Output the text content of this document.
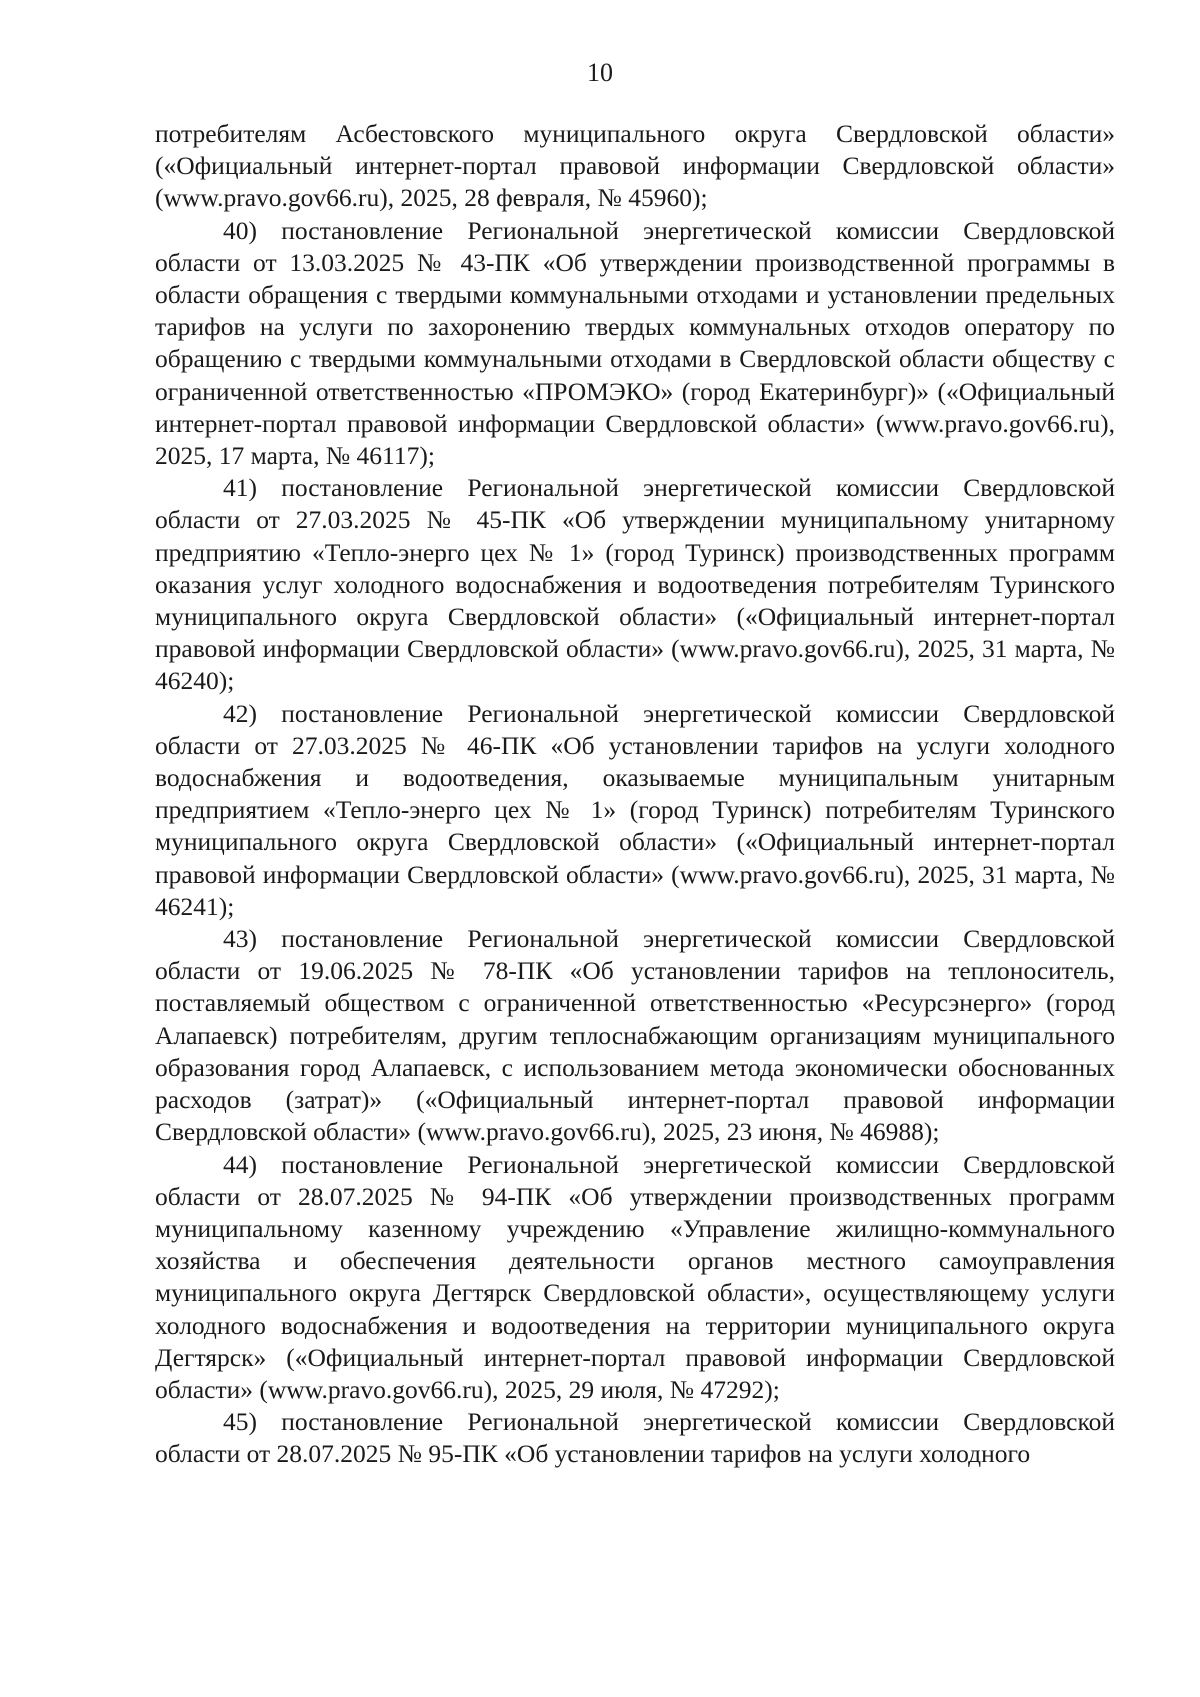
10

потребителям Асбестовского муниципального округа Свердловской области» («Официальный интернет-портал правовой информации Свердловской области» (www.pravo.gov66.ru), 2025, 28 февраля, № 45960);

40) постановление Региональной энергетической комиссии Свердловской области от 13.03.2025 № 43-ПК «Об утверждении производственной программы в области обращения с твердыми коммунальными отходами и установлении предельных тарифов на услуги по захоронению твердых коммунальных отходов оператору по обращению с твердыми коммунальными отходами в Свердловской области обществу с ограниченной ответственностью «ПРОМЭКО» (город Екатеринбург)» («Официальный интернет-портал правовой информации Свердловской области» (www.pravo.gov66.ru), 2025, 17 марта, № 46117);

41) постановление Региональной энергетической комиссии Свердловской области от 27.03.2025 № 45-ПК «Об утверждении муниципальному унитарному предприятию «Тепло-энерго цех № 1» (город Туринск) производственных программ оказания услуг холодного водоснабжения и водоотведения потребителям Туринского муниципального округа Свердловской области» («Официальный интернет-портал правовой информации Свердловской области» (www.pravo.gov66.ru), 2025, 31 марта, № 46240);

42) постановление Региональной энергетической комиссии Свердловской области от 27.03.2025 № 46-ПК «Об установлении тарифов на услуги холодного водоснабжения и водоотведения, оказываемые муниципальным унитарным предприятием «Тепло-энерго цех № 1» (город Туринск) потребителям Туринского муниципального округа Свердловской области» («Официальный интернет-портал правовой информации Свердловской области» (www.pravo.gov66.ru), 2025, 31 марта, № 46241);

43) постановление Региональной энергетической комиссии Свердловской области от 19.06.2025 № 78-ПК «Об установлении тарифов на теплоноситель, поставляемый обществом с ограниченной ответственностью «Ресурсэнерго» (город Алапаевск) потребителям, другим теплоснабжающим организациям муниципального образования город Алапаевск, с использованием метода экономически обоснованных расходов (затрат)» («Официальный интернет-портал правовой информации Свердловской области» (www.pravo.gov66.ru), 2025, 23 июня, № 46988);

44) постановление Региональной энергетической комиссии Свердловской области от 28.07.2025 № 94-ПК «Об утверждении производственных программ муниципальному казенному учреждению «Управление жилищно-коммунального хозяйства и обеспечения деятельности органов местного самоуправления муниципального округа Дегтярск Свердловской области», осуществляющему услуги холодного водоснабжения и водоотведения на территории муниципального округа Дегтярск» («Официальный интернет-портал правовой информации Свердловской области» (www.pravo.gov66.ru), 2025, 29 июля, № 47292);

45) постановление Региональной энергетической комиссии Свердловской области от 28.07.2025 № 95-ПК «Об установлении тарифов на услуги холодного
